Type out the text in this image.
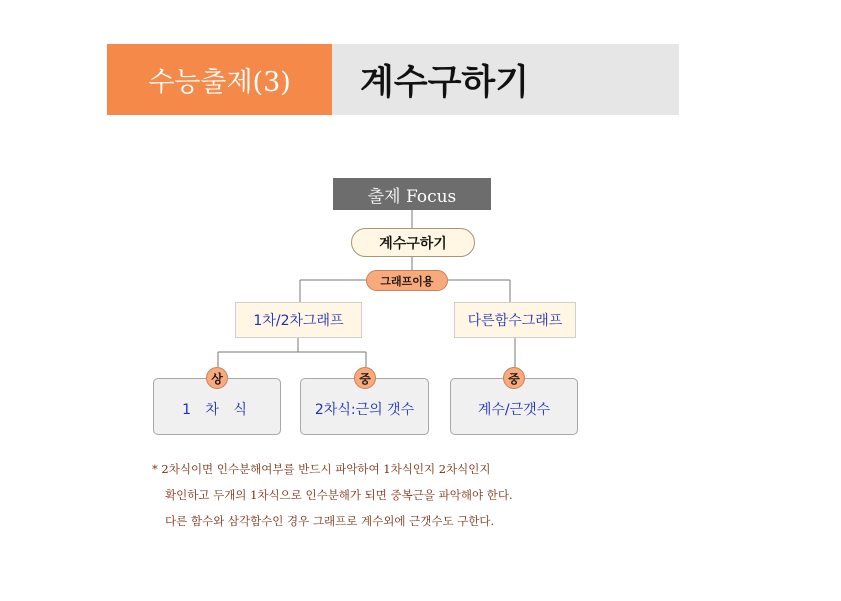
수능출제(3)	계수구하기
출제 Focus
계수구하기
그래프이용
1차/2차그래프	다른함수그래프
1 차 식	2차식:근의 갯수	계수/근갯수
상	중	중
* 2차식이면 인수분해여부를 반드시 파악하여 1차식인지 2차식인지
확인하고 두개의 1차식으로 인수분해가 되면 중복근을 파악해야 한다.
다른 함수와 삼각함수인 경우 그래프로 계수외에 근갯수도 구한다.
